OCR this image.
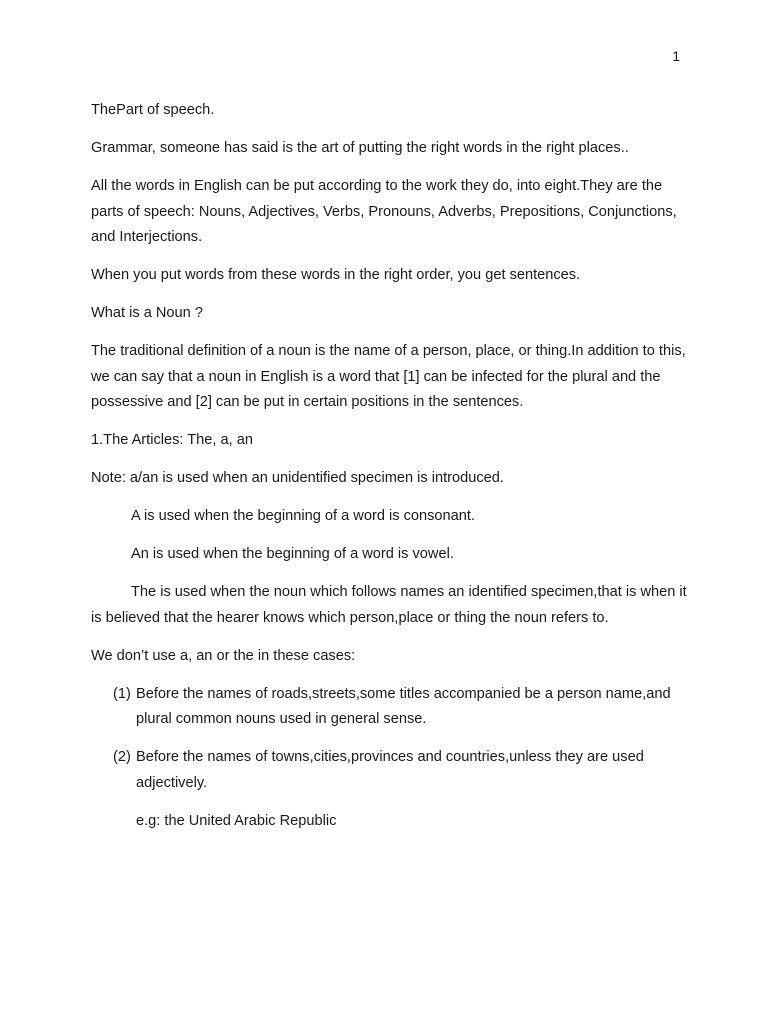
1

ThePart of speech.

Grammar, someone has said is the art of putting the right words in the right places..

All the words in English can be put according to the work they do, into eight.They are the parts of speech: Nouns, Adjectives, Verbs, Pronouns, Adverbs, Prepositions, Conjunctions, and Interjections.

When you put words from these words in the right order, you get sentences.

What is a Noun ?

The traditional definition of a noun is the name of a person, place, or thing.In addition to this, we can say that a noun in English is a word that [1] can be infected for the plural and the possessive and [2] can be put in certain positions in the sentences.

1.The Articles: The, a, an

Note: a/an is used when an unidentified specimen is introduced.

A is used when the beginning of a word is consonant.

An is used when the beginning of a word is vowel.

The is used when the noun which follows names an identified specimen,that is when it is believed that the hearer knows which person,place or thing the noun refers to.

We don’t use a, an or the in these cases:

(1) Before the names of roads,streets,some titles accompanied be a person name,and plural common nouns used in general sense.
(2) Before the names of towns,cities,provinces and countries,unless they are used adjectively.

e.g: the United Arabic Republic
